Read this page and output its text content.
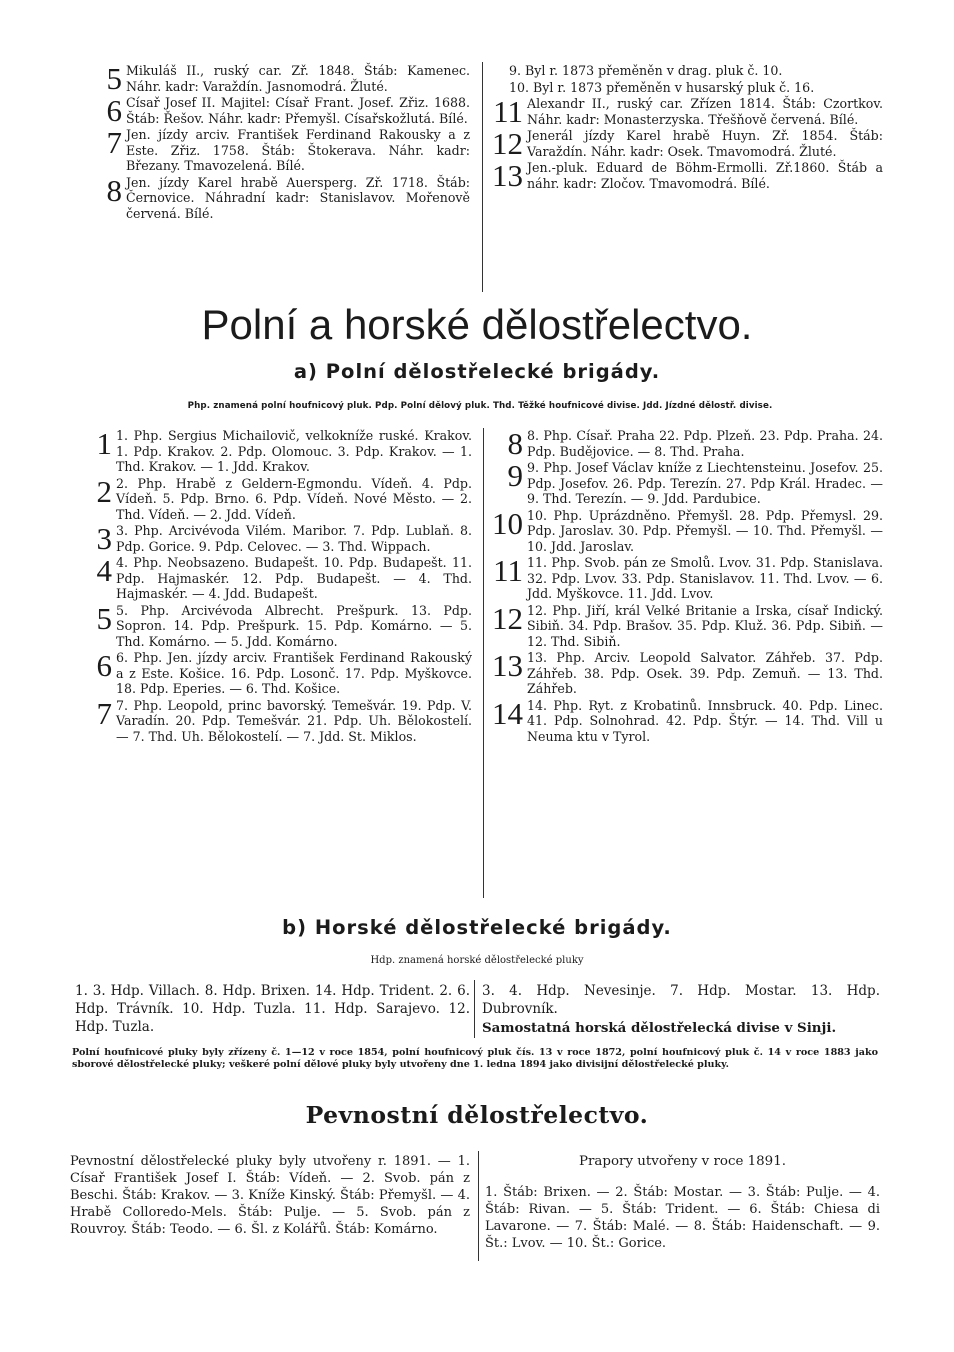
5 Mikuláš II., ruský car. Zř. 1848. Štáb: Kamenec. Náhr. kadr: Varaždín. Jasnomodrá. Žluté.
6 Císař Josef II. Majitel: Císař Frant. Josef. Zřiz. 1688. Štáb: Řešov. Náhr. kadr: Přemyšl. Císařskožlutá. Bílé.
7 Jen. jízdy arciv. František Ferdinand Rakousky a z Este. Zřiz. 1758. Štáb: Štokerava. Náhr. kadr: Březany. Tmavozelená. Bílé.
8 Jen. jízdy Karel hrabě Auersperg. Zř. 1718. Štáb: Černovice. Náhradní kadr: Stanislavov. Mořenově červená. Bílé.
9. Byl r. 1873 přeměněn v drag. pluk č. 10.
10. Byl r. 1873 přeměněn v husarský pluk č. 16.
11 Alexandr II., ruský car. Zřízen 1814. Štáb: Czortkov. Náhr. kadr: Monasterzyska. Třešňově červená. Bílé.
12 Jenerál jízdy Karel hrabě Huyn. Zř. 1854. Štáb: Varaždín. Náhr. kadr: Osek. Tmavomodrá. Žluté.
13 Jen.-pluk. Eduard de Böhm-Ermolli. Zř.1860. Štáb a náhr. kadr: Zločov. Tmavomodrá. Bílé.
Polní a horské dělostřelectvo.
a) Polní dělostřelecké brigády.
Php. znamená polní houfnicový pluk. Pdp. Polní dělový pluk. Thd. Těžké houfnicové divise. Jdd. Jízdné dělostř. divise.
1 1. Php. Sergius Michailovič, velkokníže ruské. Krakov. 1. Pdp. Krakov. 2. Pdp. Olomouc. 3. Pdp. Krakov. — 1. Thd. Krakov. — 1. Jdd. Krakov.
2 2. Php. Hrabě z Geldern-Egmondu. Vídeň. 4. Pdp. Vídeň. 5. Pdp. Brno. 6. Pdp. Vídeň. Nové Město. — 2. Thd. Vídeň. — 2. Jdd. Vídeň.
3 3. Php. Arcivévoda Vilém. Maribor. 7. Pdp. Lublaň. 8. Pdp. Gorice. 9. Pdp. Celovec. — 3. Thd. Wippach.
4 4. Php. Neobsazeno. Budapešt. 10. Pdp. Budapešt. 11. Pdp. Hajmaskér. 12. Pdp. Budapešt. — 4. Thd. Hajmaskér. — 4. Jdd. Budapešt.
5 5. Php. Arcivévoda Albrecht. Prešpurk. 13. Pdp. Sopron. 14. Pdp. Prešpurk. 15. Pdp. Komárno. — 5. Thd. Komárno. — 5. Jdd. Komárno.
6 6. Php. Jen. jízdy arciv. František Ferdinand Rakouský a z Este. Košice. 16. Pdp. Losonč. 17. Pdp. Myškovce. 18. Pdp. Eperies. — 6. Thd. Košice.
7 7. Php. Leopold, princ bavorský. Temešvár. 19. Pdp. V. Varadín. 20. Pdp. Temešvár. 21. Pdp. Uh. Bělokostelí. — 7. Thd. Uh. Bělokostelí. — 7. Jdd. St. Miklos.
8 8. Php. Císař. Praha 22. Pdp. Plzeň. 23. Pdp. Praha. 24. Pdp. Budějovice. — 8. Thd. Praha.
9 9. Php. Josef Václav kníže z Liechtensteinu. Josefov. 25. Pdp. Josefov. 26. Pdp. Terezín. 27. Pdp Král. Hradec. — 9. Thd. Terezín. — 9. Jdd. Pardubice.
10 10. Php. Uprázdněno. Přemyšl. 28. Pdp. Přemysl. 29. Pdp. Jaroslav. 30. Pdp. Přemyšl. — 10. Thd. Přemyšl. — 10. Jdd. Jaroslav.
11 11. Php. Svob. pán ze Smolů. Lvov. 31. Pdp. Stanislava. 32. Pdp. Lvov. 33. Pdp. Stanislavov. 11. Thd. Lvov. — 6. Jdd. Myškovce. 11. Jdd. Lvov.
12 12. Php. Jiří, král Velké Britanie a Irska, císař Indický. Sibiň. 34. Pdp. Brašov. 35. Pdp. Kluž. 36. Pdp. Sibiň. — 12. Thd. Sibiň.
13 13. Php. Arciv. Leopold Salvator. Záhřeb. 37. Pdp. Záhřeb. 38. Pdp. Osek. 39. Pdp. Zemuň. — 13. Thd. Záhřeb.
14 14. Php. Ryt. z Krobatinů. Innsbruck. 40. Pdp. Linec. 41. Pdp. Solnohrad. 42. Pdp. Štýr. — 14. Thd. Vill u Neuma ktu v Tyrol.
b) Horské dělostřelecké brigády.
Hdp. znamená horské dělostřelecké pluky
1. 3. Hdp. Villach. 8. Hdp. Brixen. 14. Hdp. Trident. 2. 6. Hdp. Trávník. 10. Hdp. Tuzla. 11. Hdp. Sarajevo. 12. Hdp. Tuzla.
3. 4. Hdp. Nevesinje. 7. Hdp. Mostar. 13. Hdp. Dubrovník.
Samostatná horská dělostřelecká divise v Sinji.
Polní houfnicové pluky byly zřízeny č. 1—12 v roce 1854, polní houfnicový pluk čís. 13 v roce 1872, polní houfnicový pluk č. 14 v roce 1883 jako sborové dělostřelecké pluky; veškeré polní dělové pluky byly utvořeny dne 1. ledna 1894 jako divisijní dělostřelecké pluky.
Pevnostní dělostřelectvo.
Pevnostní dělostřelecké pluky byly utvořeny r. 1891. — 1. Císař František Josef I. Štáb: Vídeň. — 2. Svob. pán z Beschi. Štáb: Krakov. — 3. Kníže Kinský. Štáb: Přemyšl. — 4. Hrabě Colloredo-Mels. Štáb: Pulje. — 5. Svob. pán z Rouvroy. Štáb: Teodo. — 6. Šl. z Kolářů. Štáb: Komárno.
Prapory utvořeny v roce 1891.
1. Štáb: Brixen. — 2. Štáb: Mostar. — 3. Štáb: Pulje. — 4. Štáb: Rivan. — 5. Štáb: Trident. — 6. Štáb: Chiesa di Lavarone. — 7. Štáb: Malé. — 8. Štáb: Haidenschaft. — 9. Št.: Lvov. — 10. Št.: Gorice.
